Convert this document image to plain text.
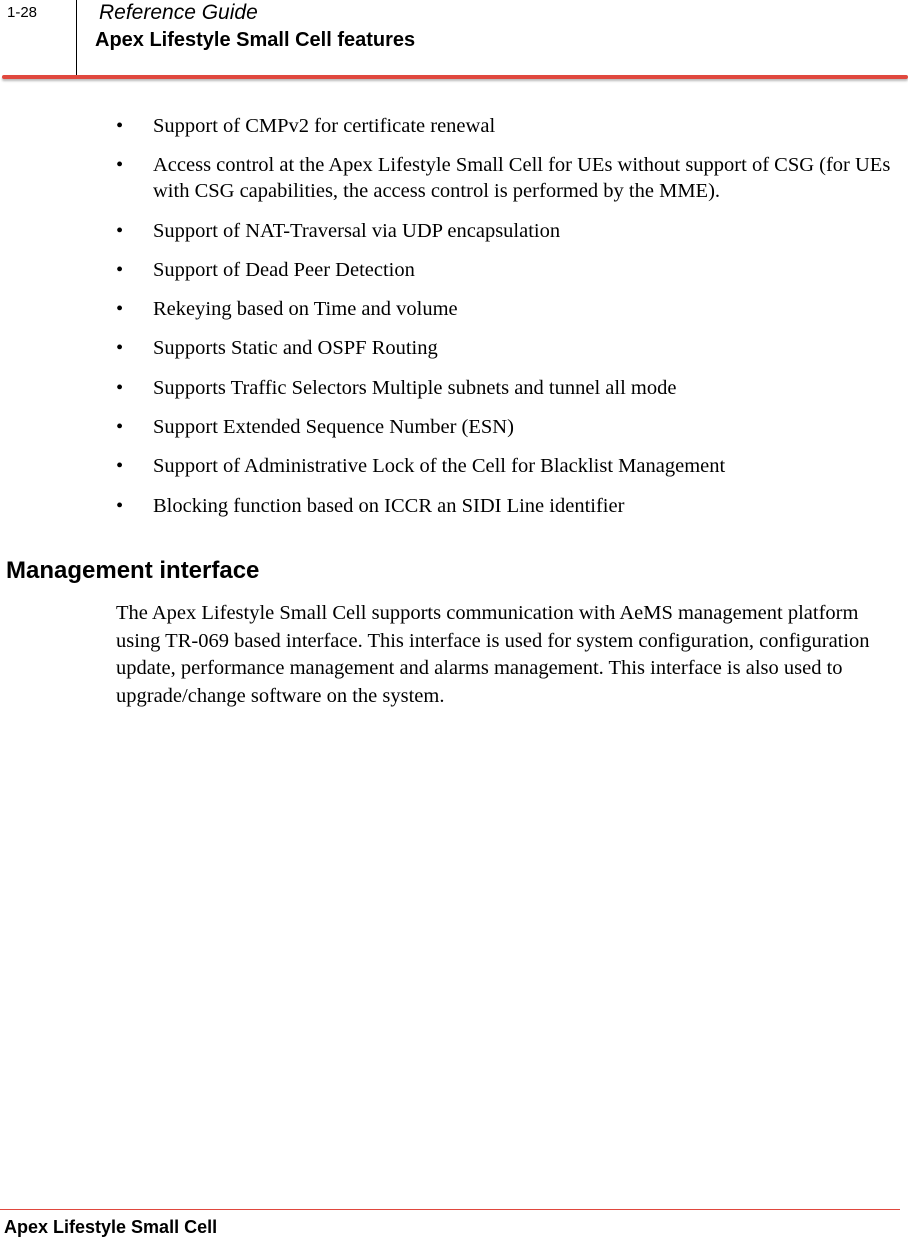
1-28	Reference Guide

Apex Lifestyle Small Cell features

• Support of CMPv2 for certificate renewal
• Access control at the Apex Lifestyle Small Cell for UEs without support of CSG (for UEs with CSG capabilities, the access control is performed by the MME).
• Support of NAT-Traversal via UDP encapsulation
• Support of Dead Peer Detection
• Rekeying based on Time and volume
• Supports Static and OSPF Routing
• Supports Traffic Selectors Multiple subnets and tunnel all mode
• Support Extended Sequence Number (ESN)
• Support of Administrative Lock of the Cell for Blacklist Management
• Blocking function based on ICCR an SIDI Line identifier
Management interface

The Apex Lifestyle Small Cell supports communication with AeMS management platform using TR-069 based interface. This interface is used for system configuration, configuration update, performance management and alarms management. This interface is also used to upgrade/change software on the system.

Apex Lifestyle Small Cell
